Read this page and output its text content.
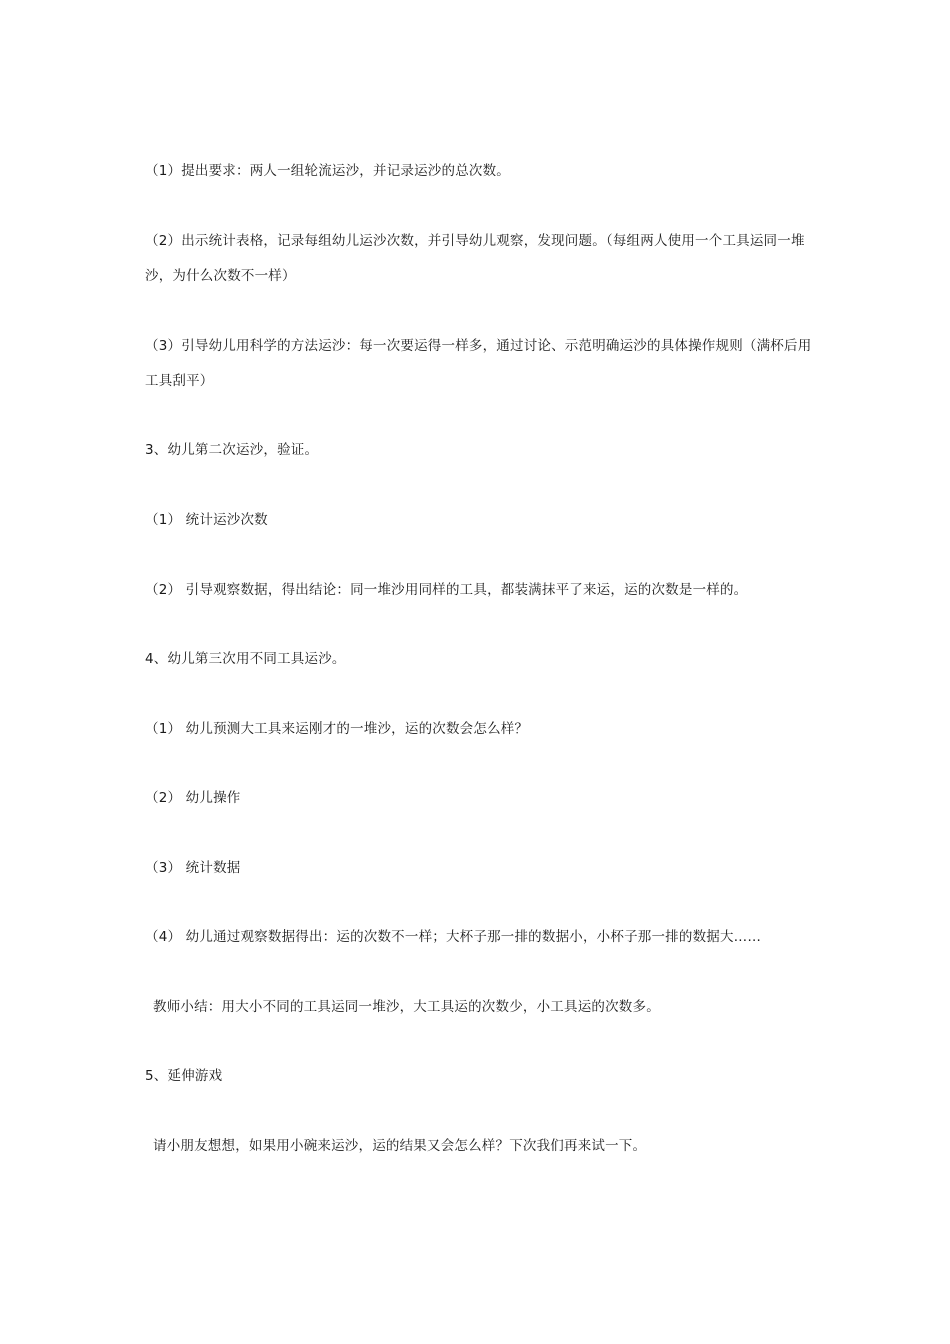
（1）提出要求：两人一组轮流运沙，并记录运沙的总次数。
（2）出示统计表格，记录每组幼儿运沙次数，并引导幼儿观察，发现问题。（每组两人使用一个工具运同一堆
沙，为什么次数不一样）
（3）引导幼儿用科学的方法运沙：每一次要运得一样多，通过讨论、示范明确运沙的具体操作规则（满杯后用
工具刮平）
3、幼儿第二次运沙，验证。
（1） 统计运沙次数
（2） 引导观察数据，得出结论：同一堆沙用同样的工具，都装满抹平了来运，运的次数是一样的。
4、幼儿第三次用不同工具运沙。
（1） 幼儿预测大工具来运刚才的一堆沙，运的次数会怎么样？
（2） 幼儿操作
（3） 统计数据
（4） 幼儿通过观察数据得出：运的次数不一样；大杯子那一排的数据小，小杯子那一排的数据大……
教师小结：用大小不同的工具运同一堆沙，大工具运的次数少，小工具运的次数多。
5、延伸游戏
请小朋友想想，如果用小碗来运沙，运的结果又会怎么样？下次我们再来试一下。
